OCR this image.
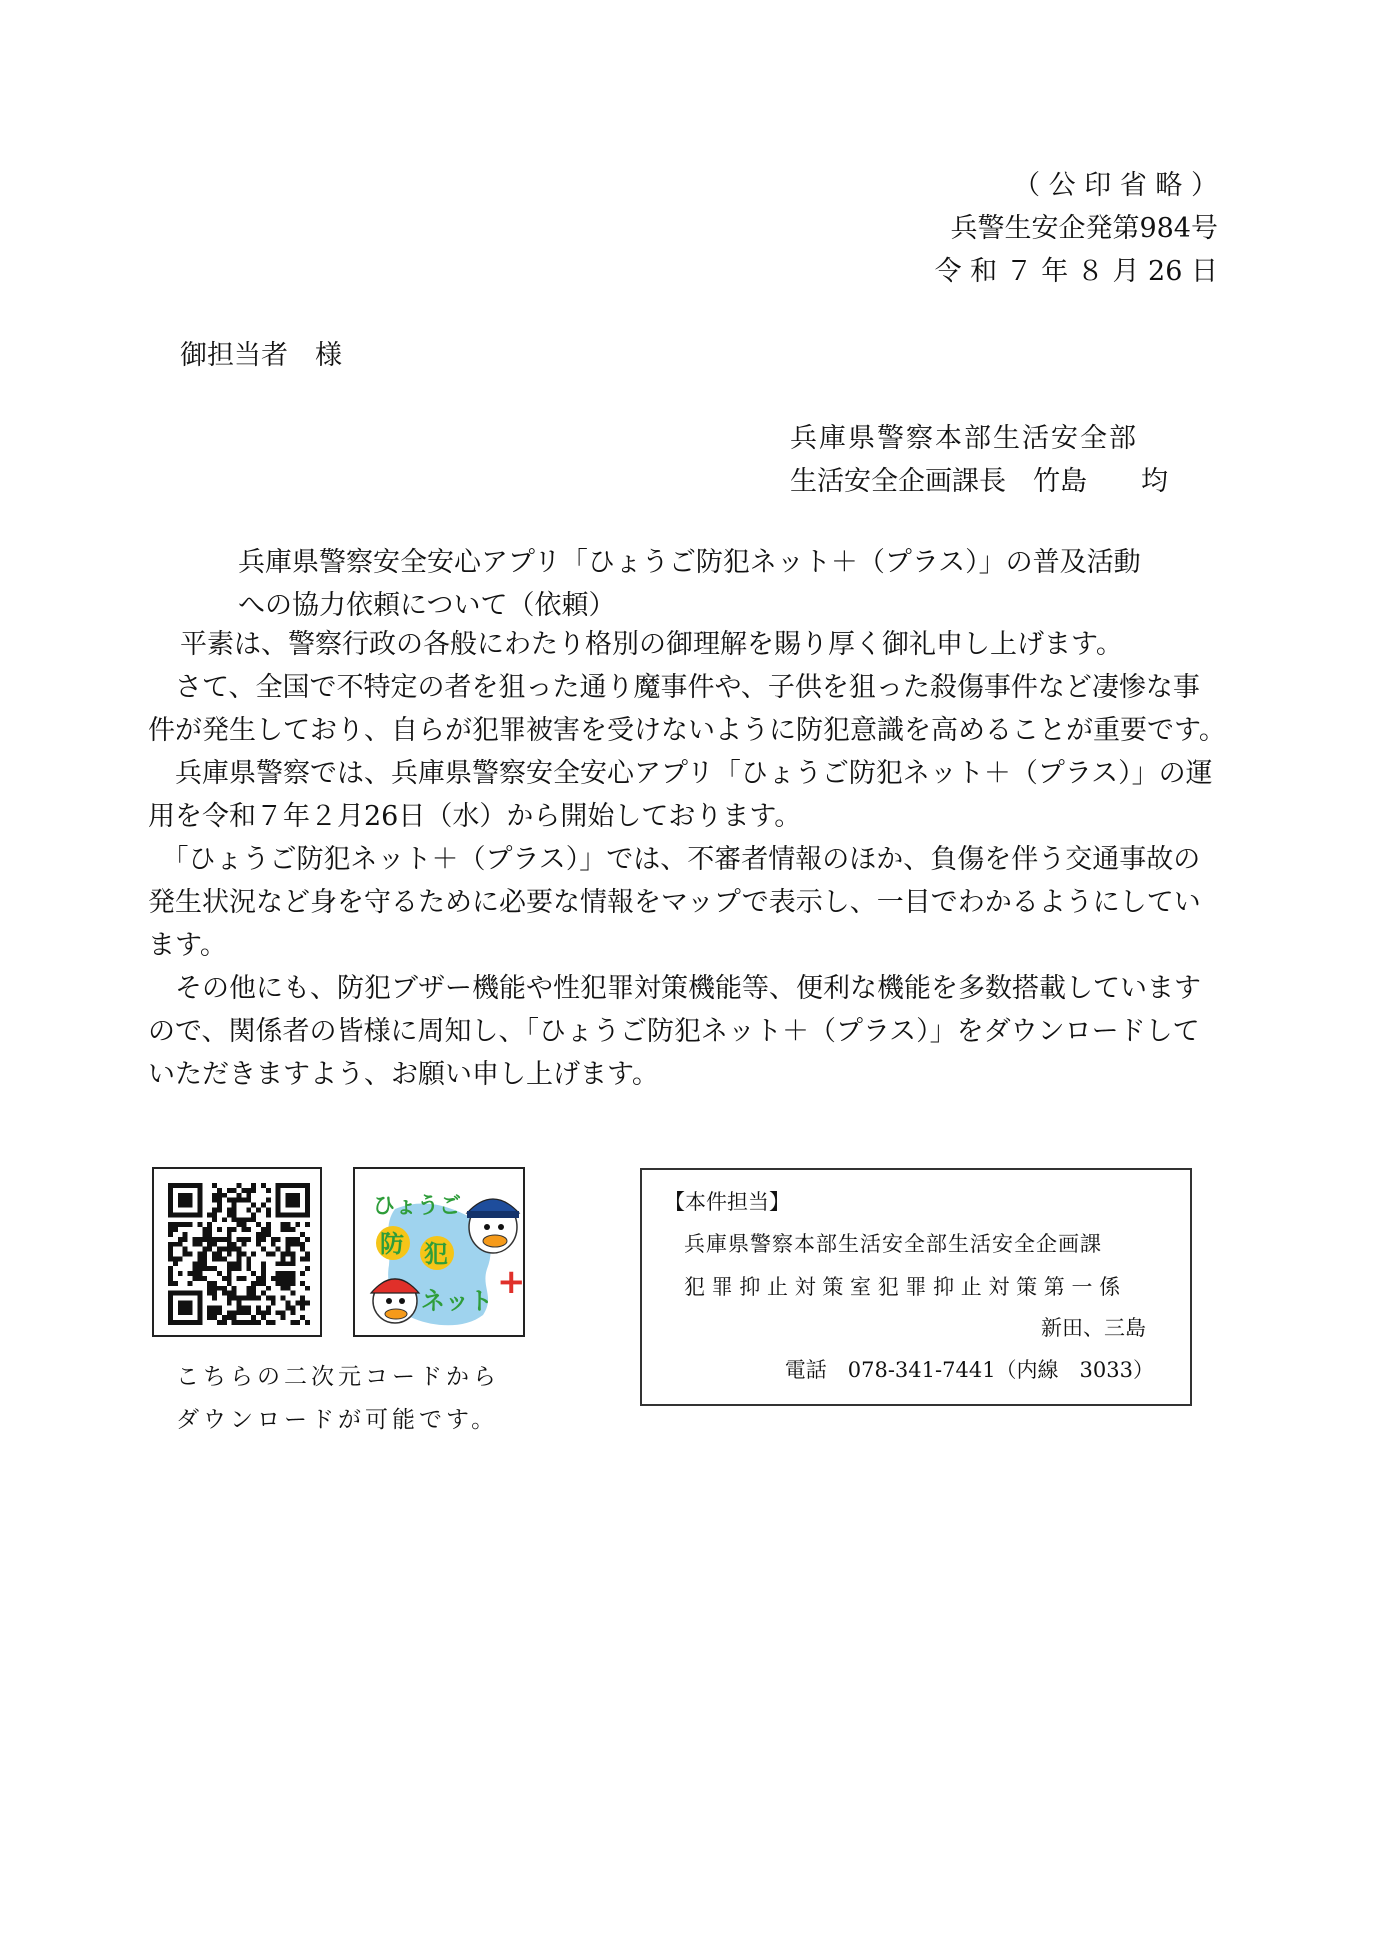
（ 公 印 省 略 ）
兵警生安企発第984号
令 和 ７ 年 ８ 月 26 日
御担当者　様
兵庫県警察本部生活安全部
生活安全企画課長　竹島　　均
兵庫県警察安全安心アプリ「ひょうご防犯ネット＋（プラス）」の普及活動
への協力依頼について（依頼）

平素は、警察行政の各般にわたり格別の御理解を賜り厚く御礼申し上げます。

　さて、全国で不特定の者を狙った通り魔事件や、子供を狙った殺傷事件など凄惨な事

件が発生しており、自らが犯罪被害を受けないように防犯意識を高めることが重要です。

　兵庫県警察では、兵庫県警察安全安心アプリ「ひょうご防犯ネット＋（プラス）」の運

用を令和７年２月26日（水）から開始しております。

　「ひょうご防犯ネット＋（プラス）」では、不審者情報のほか、負傷を伴う交通事故の

発生状況など身を守るために必要な情報をマップで表示し、一目でわかるようにしてい

ます。

　その他にも、防犯ブザー機能や性犯罪対策機能等、便利な機能を多数搭載しています

ので、関係者の皆様に周知し、「ひょうご防犯ネット＋（プラス）」をダウンロードして

いただきますよう、お願い申し上げます。

ひょうご
防 犯
ネット +
こちらの二次元コードから
ダウンロードが可能です。
【本件担当】
兵庫県警察本部生活安全部生活安全企画課
犯 罪 抑 止 対 策 室 犯 罪 抑 止 対 策 第 一 係
新田、三島
電話　078-341-7441（内線　3033）
